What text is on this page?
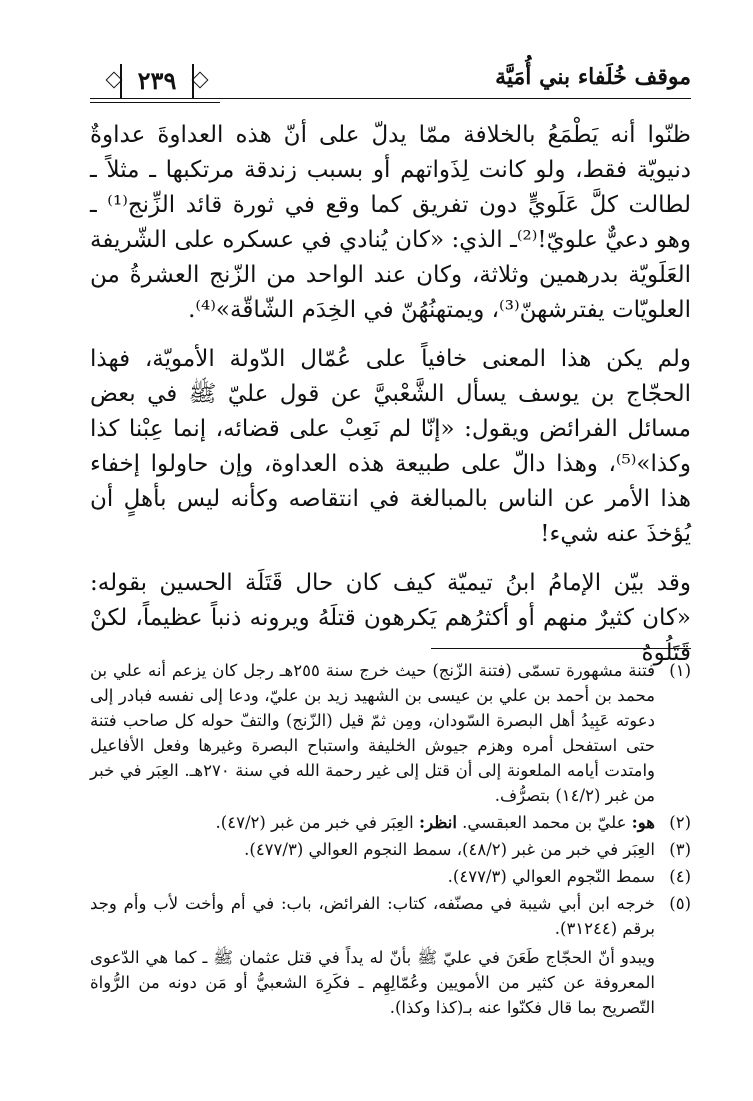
موقف خُلَفاء بني أُمَيَّة
٢٣٩

ظنّوا أنه يَطْمَعُ بالخلافة ممّا يدلّ على أنّ هذه العداوةَ عداوةٌ دنيويّة فقط، ولو كانت لِذَواتهم أو بسبب زندقة مرتكبها ـ مثلاً ـ لطالت كلَّ عَلَويٍّ دون تفريق كما وقع في ثورة قائد الزِّنج⁽¹⁾ ـ وهو دعيٌّ علويّ!⁽²⁾ـ الذي: «كان يُنادي في عسكره على الشّريفة العَلَويّة بدرهمين وثلاثة، وكان عند الواحد من الزّنج العشرةُ من العلويّات يفترشهنّ⁽³⁾، ويمتهنُهُنّ في الخِدَم الشّاقّة»⁽⁴⁾.

ولم يكن هذا المعنى خافياً على عُمّال الدّولة الأمويّة، فهذا الحجّاج بن يوسف يسأل الشَّعْبيَّ عن قول عليّ ﷺ في بعض مسائل الفرائض ويقول: «إنّا لم نَعِبْ على قضائه، إنما عِبْنا كذا وكذا»⁽⁵⁾، وهذا دالّ على طبيعة هذه العداوة، وإن حاولوا إخفاء هذا الأمر عن الناس بالمبالغة في انتقاصه وكأنه ليس بأهلٍ أن يُؤخذَ عنه شيء!

وقد بيّن الإمامُ ابنُ تيميّة كيف كان حال قَتَلَة الحسين بقوله: «كان كثيرٌ منهم أو أكثرُهم يَكرهون قتلَهُ ويرونه ذنباً عظيماً، لكنْ قَتَلُوهُ

(١)
فتنة مشهورة تسمّى (فتنة الزّنج) حيث خرج سنة ٢٥٥هـ رجل كان يزعم أنه علي بن محمد بن أحمد بن علي بن عيسى بن الشهيد زيد بن عليّ، ودعا إلى نفسه فبادر إلى دعوته عَبِيدُ أهل البصرة السّودان، ومِن ثمّ قيل (الزّنج) والتفّ حوله كل صاحب فتنة حتى استفحل أمره وهزم جيوش الخليفة واستباح البصرة وغيرها وفعل الأفاعيل وامتدت أيامه الملعونة إلى أن قتل إلى غير رحمة الله في سنة ٢٧٠هـ. العِبَر في خبر من غبر (١٤/٢) بتصرُّف.
(٢)
هو: عليّ بن محمد العبقسي. انظر: العِبَر في خبر من غبر (٤٧/٢).
(٣)
العِبَر في خبر من غبر (٤٨/٢)، سمط النجوم العوالي (٤٧٧/٣).
(٤)
سمط النّجوم العوالي (٤٧٧/٣).
(٥)
خرجه ابن أبي شيبة في مصنّفه، كتاب: الفرائض، باب: في أم وأخت لأب وأم وجد برقم (٣١٢٤٤).
ويبدو أنّ الحجّاج طَعَنَ في عليّ ﷺ بأنّ له يداً في قتل عثمان ﷺ ـ كما هي الدّعوى المعروفة عن كثير من الأمويين وعُمّالِهِم ـ فكَرِهَ الشعبيُّ أو مَن دونه من الرُّواة التّصريح بما قال فكنّوا عنه بـ(كذا وكذا).
